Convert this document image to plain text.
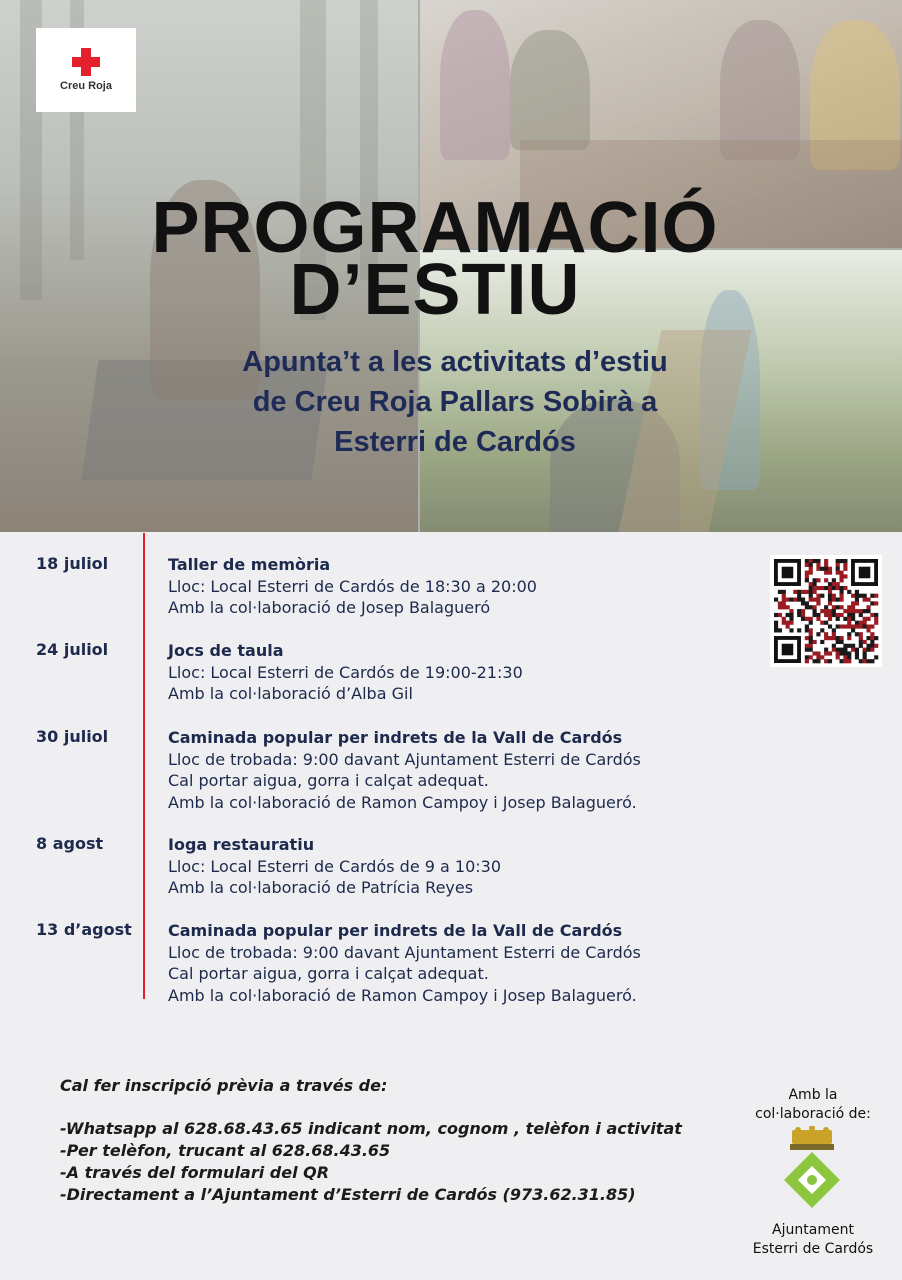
Creu Roja
PROGRAMACIÓ
D’ESTIU
Apunta’t a les activitats d’estiu
de Creu Roja Pallars Sobirà a
Esterri de Cardós
18 juliol	Taller de memòria
Lloc: Local Esterri de Cardós de 18:30 a 20:00
Amb la col·laboració de Josep Balagueró
24 juliol	Jocs de taula
Lloc: Local Esterri de Cardós de 19:00-21:30
Amb la col·laboració d’Alba Gil
30 juliol	Caminada popular per indrets de la Vall de Cardós
Lloc de trobada: 9:00 davant Ajuntament Esterri de Cardós
Cal portar aigua, gorra i calçat adequat.
Amb la col·laboració de Ramon Campoy i Josep Balagueró.
8 agost	Ioga restauratiu
Lloc: Local Esterri de Cardós de 9 a 10:30
Amb la col·laboració de Patrícia Reyes
13 d’agost Caminada popular per indrets de la Vall de Cardós
Lloc de trobada: 9:00 davant Ajuntament Esterri de Cardós
Cal portar aigua, gorra i calçat adequat.
Amb la col·laboració de Ramon Campoy i Josep Balagueró.
Cal fer inscripció prèvia a través de:
-Whatsapp al 628.68.43.65 indicant nom, cognom , telèfon i activitat
-Per telèfon, trucant al 628.68.43.65
-A través del formulari del QR
-Directament a l’Ajuntament d’Esterri de Cardós (973.62.31.85)
Amb la
col·laboració de:
Ajuntament
Esterri de Cardós
